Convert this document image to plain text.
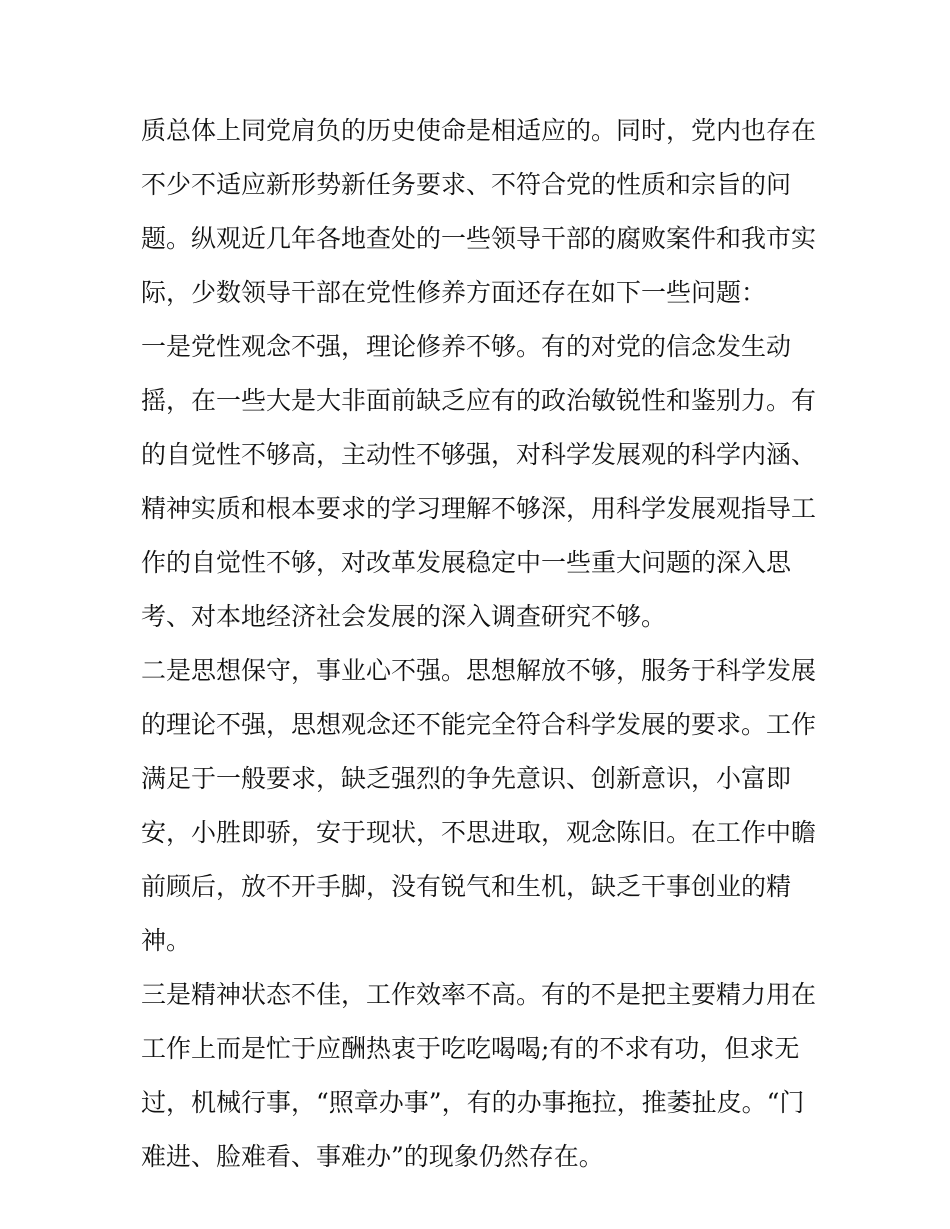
质总体上同党肩负的历史使命是相适应的。同时，党内也存在
不少不适应新形势新任务要求、不符合党的性质和宗旨的问
题。纵观近几年各地查处的一些领导干部的腐败案件和我市实
际，少数领导干部在党性修养方面还存在如下一些问题：
一是党性观念不强，理论修养不够。有的对党的信念发生动
摇，在一些大是大非面前缺乏应有的政治敏锐性和鉴别力。有
的自觉性不够高，主动性不够强，对科学发展观的科学内涵、
精神实质和根本要求的学习理解不够深，用科学发展观指导工
作的自觉性不够，对改革发展稳定中一些重大问题的深入思
考、对本地经济社会发展的深入调查研究不够。
二是思想保守，事业心不强。思想解放不够，服务于科学发展
的理论不强，思想观念还不能完全符合科学发展的要求。工作
满足于一般要求，缺乏强烈的争先意识、创新意识，小富即
安，小胜即骄，安于现状，不思进取，观念陈旧。在工作中瞻
前顾后，放不开手脚，没有锐气和生机，缺乏干事创业的精
神。
三是精神状态不佳，工作效率不高。有的不是把主要精力用在
工作上而是忙于应酬热衷于吃吃喝喝;有的不求有功，但求无
过，机械行事，“照章办事”，有的办事拖拉，推萎扯皮。“门
难进、脸难看、事难办”的现象仍然存在。
